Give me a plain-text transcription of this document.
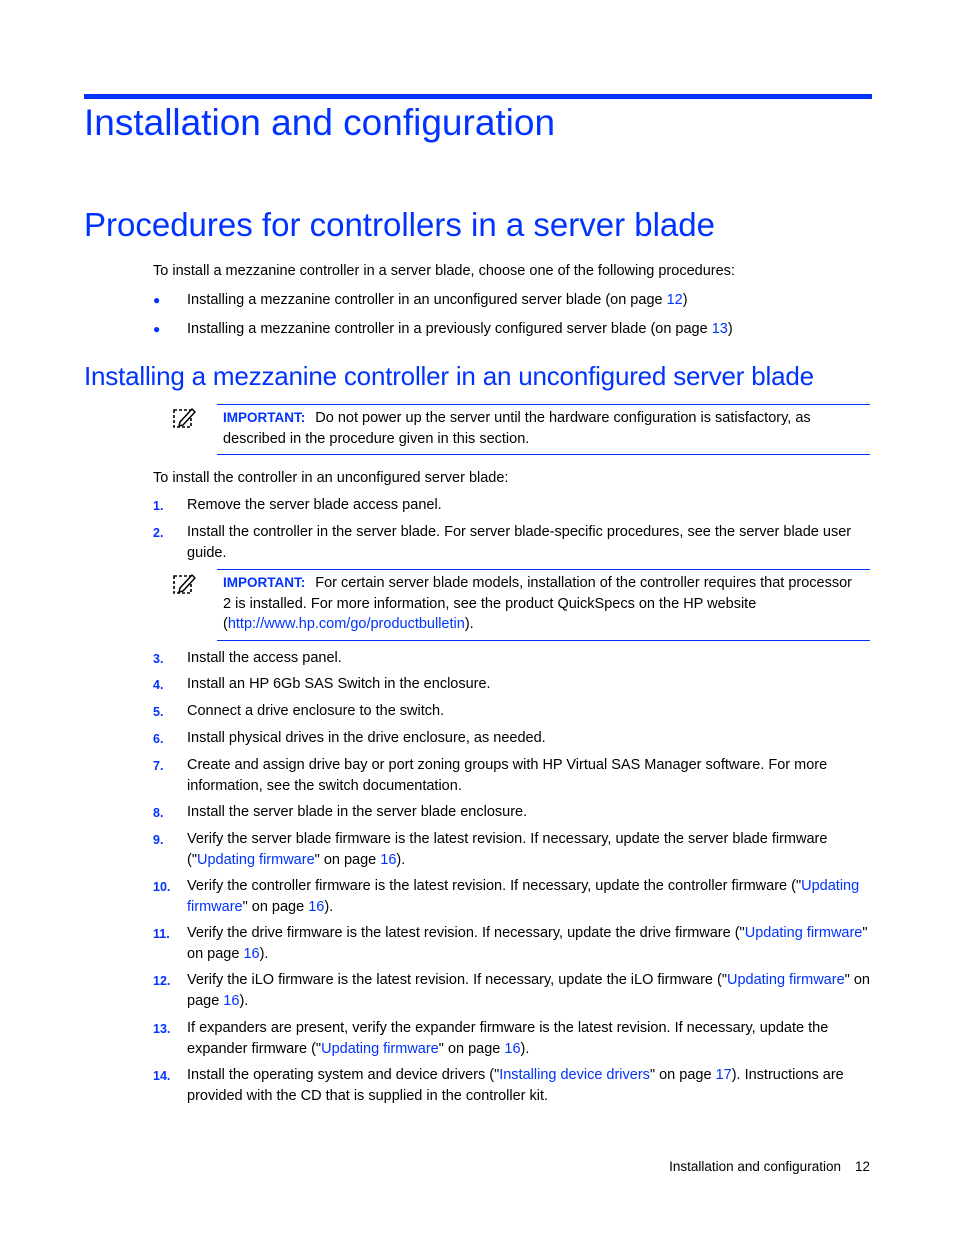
Installation and configuration
Procedures for controllers in a server blade
To install a mezzanine controller in a server blade, choose one of the following procedures:
● Installing a mezzanine controller in an unconfigured server blade (on page 12)
● Installing a mezzanine controller in a previously configured server blade (on page 13)
Installing a mezzanine controller in an unconfigured server blade
IMPORTANT: Do not power up the server until the hardware configuration is satisfactory, as described in the procedure given in this section.
To install the controller in an unconfigured server blade:
1. Remove the server blade access panel.
2. Install the controller in the server blade. For server blade-specific procedures, see the server blade user guide.
IMPORTANT: For certain server blade models, installation of the controller requires that processor 2 is installed. For more information, see the product QuickSpecs on the HP website (http://www.hp.com/go/productbulletin).
3. Install the access panel.
4. Install an HP 6Gb SAS Switch in the enclosure.
5. Connect a drive enclosure to the switch.
6. Install physical drives in the drive enclosure, as needed.
7. Create and assign drive bay or port zoning groups with HP Virtual SAS Manager software. For more information, see the switch documentation.
8. Install the server blade in the server blade enclosure.
9. Verify the server blade firmware is the latest revision. If necessary, update the server blade firmware ("Updating firmware" on page 16).
10. Verify the controller firmware is the latest revision. If necessary, update the controller firmware ("Updating firmware" on page 16).
11. Verify the drive firmware is the latest revision. If necessary, update the drive firmware ("Updating firmware" on page 16).
12. Verify the iLO firmware is the latest revision. If necessary, update the iLO firmware ("Updating firmware" on page 16).
13. If expanders are present, verify the expander firmware is the latest revision. If necessary, update the expander firmware ("Updating firmware" on page 16).
14. Install the operating system and device drivers ("Installing device drivers" on page 17). Instructions are provided with the CD that is supplied in the controller kit.
Installation and configuration 12
